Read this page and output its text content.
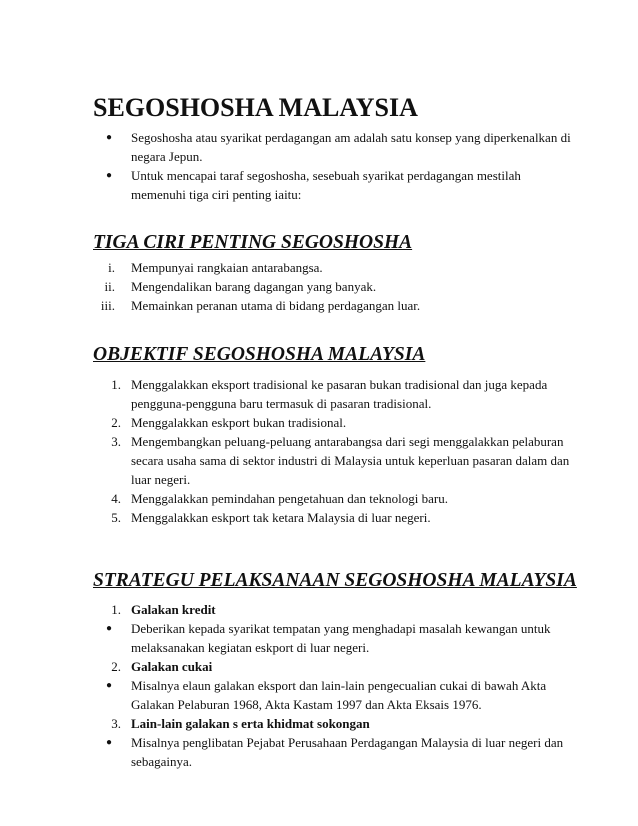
SEGOSHOSHA MALAYSIA
● Segoshosha atau syarikat perdagangan am adalah satu konsep yang diperkenalkan di negara Jepun.
● Untuk mencapai taraf segoshosha, sesebuah syarikat perdagangan mestilah memenuhi tiga ciri penting iaitu:
TIGA CIRI PENTING SEGOSHOSHA
i. Mempunyai rangkaian antarabangsa.
ii. Mengendalikan barang dagangan yang banyak.
iii. Memainkan peranan utama di bidang perdagangan luar.
OBJEKTIF SEGOSHOSHA MALAYSIA
1. Menggalakkan eksport tradisional ke pasaran bukan tradisional dan juga kepada pengguna-pengguna baru termasuk di pasaran tradisional.
2. Menggalakkan eskport bukan tradisional.
3. Mengembangkan peluang-peluang antarabangsa dari segi menggalakkan pelaburan secara usaha sama di sektor industri di Malaysia untuk keperluan pasaran dalam dan luar negeri.
4. Menggalakkan pemindahan pengetahuan dan teknologi baru.
5. Menggalakkan eskport tak ketara Malaysia di luar negeri.
STRATEGU PELAKSANAAN SEGOSHOSHA MALAYSIA
1. Galakan kredit
● Deberikan kepada syarikat tempatan yang menghadapi masalah kewangan untuk melaksanakan kegiatan eskport di luar negeri.
2. Galakan cukai
● Misalnya elaun galakan eksport dan lain-lain pengecualian cukai di bawah Akta Galakan Pelaburan 1968, Akta Kastam 1997 dan Akta Eksais 1976.
3. Lain-lain galakan s erta khidmat sokongan
● Misalnya penglibatan Pejabat Perusahaan Perdagangan Malaysia di luar negeri dan sebagainya.
